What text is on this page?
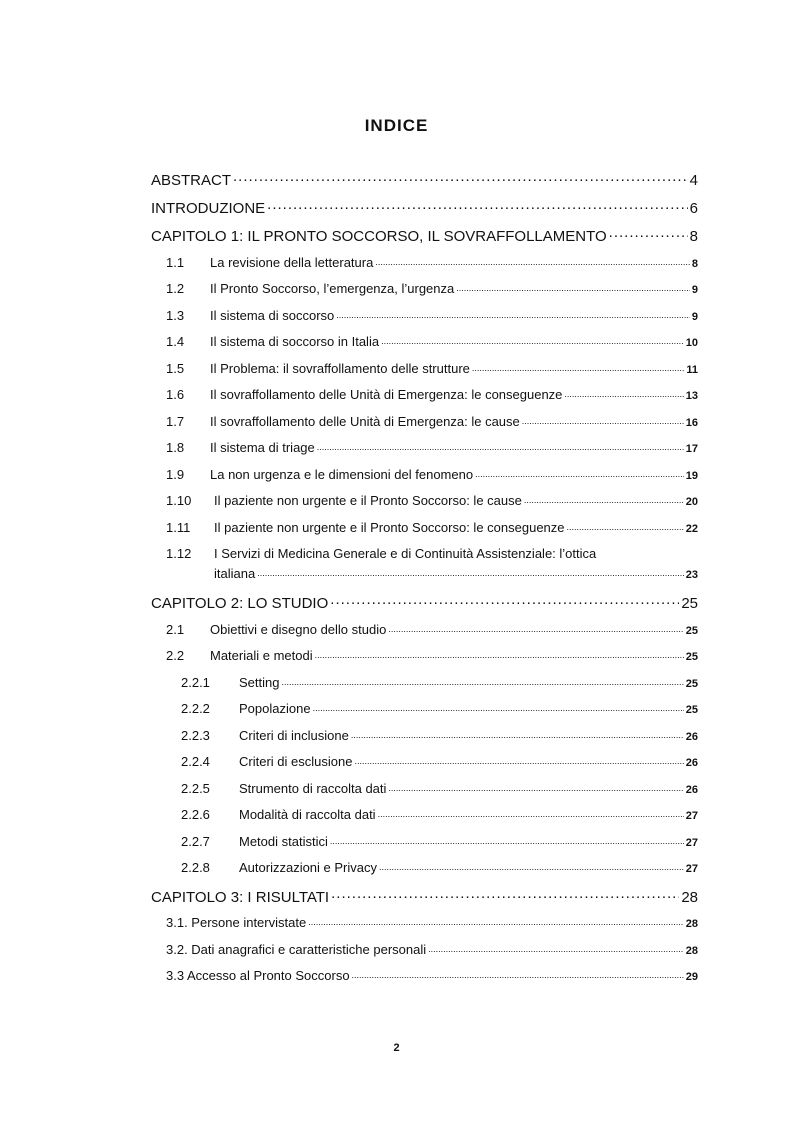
INDICE
ABSTRACT .....	4
INTRODUZIONE .....	6
CAPITOLO 1: IL PRONTO SOCCORSO, IL SOVRAFFOLLAMENTO .....	8
1.1	La revisione della letteratura .....	8
1.2	Il Pronto Soccorso, l’emergenza, l’urgenza .....	9
1.3	Il sistema di soccorso .....	9
1.4	Il sistema di soccorso in Italia .....	10
1.5	Il Problema: il sovraffollamento delle strutture .....	11
1.6	Il sovraffollamento delle Unità di Emergenza: le conseguenze .....	13
1.7	Il sovraffollamento delle Unità di Emergenza: le cause .....	16
1.8	Il sistema di triage .....	17
1.9	La non urgenza e le dimensioni del fenomeno .....	19
1.10	Il paziente non urgente e il Pronto Soccorso: le cause .....	20
1.11	Il paziente non urgente e il Pronto Soccorso: le conseguenze .....	22
1.12 I Servizi di Medicina Generale e di Continuità Assistenziale: l’ottica
italiana .....	23
CAPITOLO 2: LO STUDIO .....	25
2.1	Obiettivi e disegno dello studio .....	25
2.2	Materiali e metodi .....	25
2.2.1	Setting .....	25
2.2.2	Popolazione .....	25
2.2.3	Criteri di inclusione .....	26
2.2.4	Criteri di esclusione .....	26
2.2.5	Strumento di raccolta dati .....	26
2.2.6	Modalità di raccolta dati .....	27
2.2.7	Metodi statistici .....	27
2.2.8	Autorizzazioni e Privacy .....	27
CAPITOLO 3: I RISULTATI .....	28
3.1. Persone intervistate .....	28
3.2. Dati anagrafici e caratteristiche personali .....	28
3.3 Accesso al Pronto Soccorso .....	29
2
